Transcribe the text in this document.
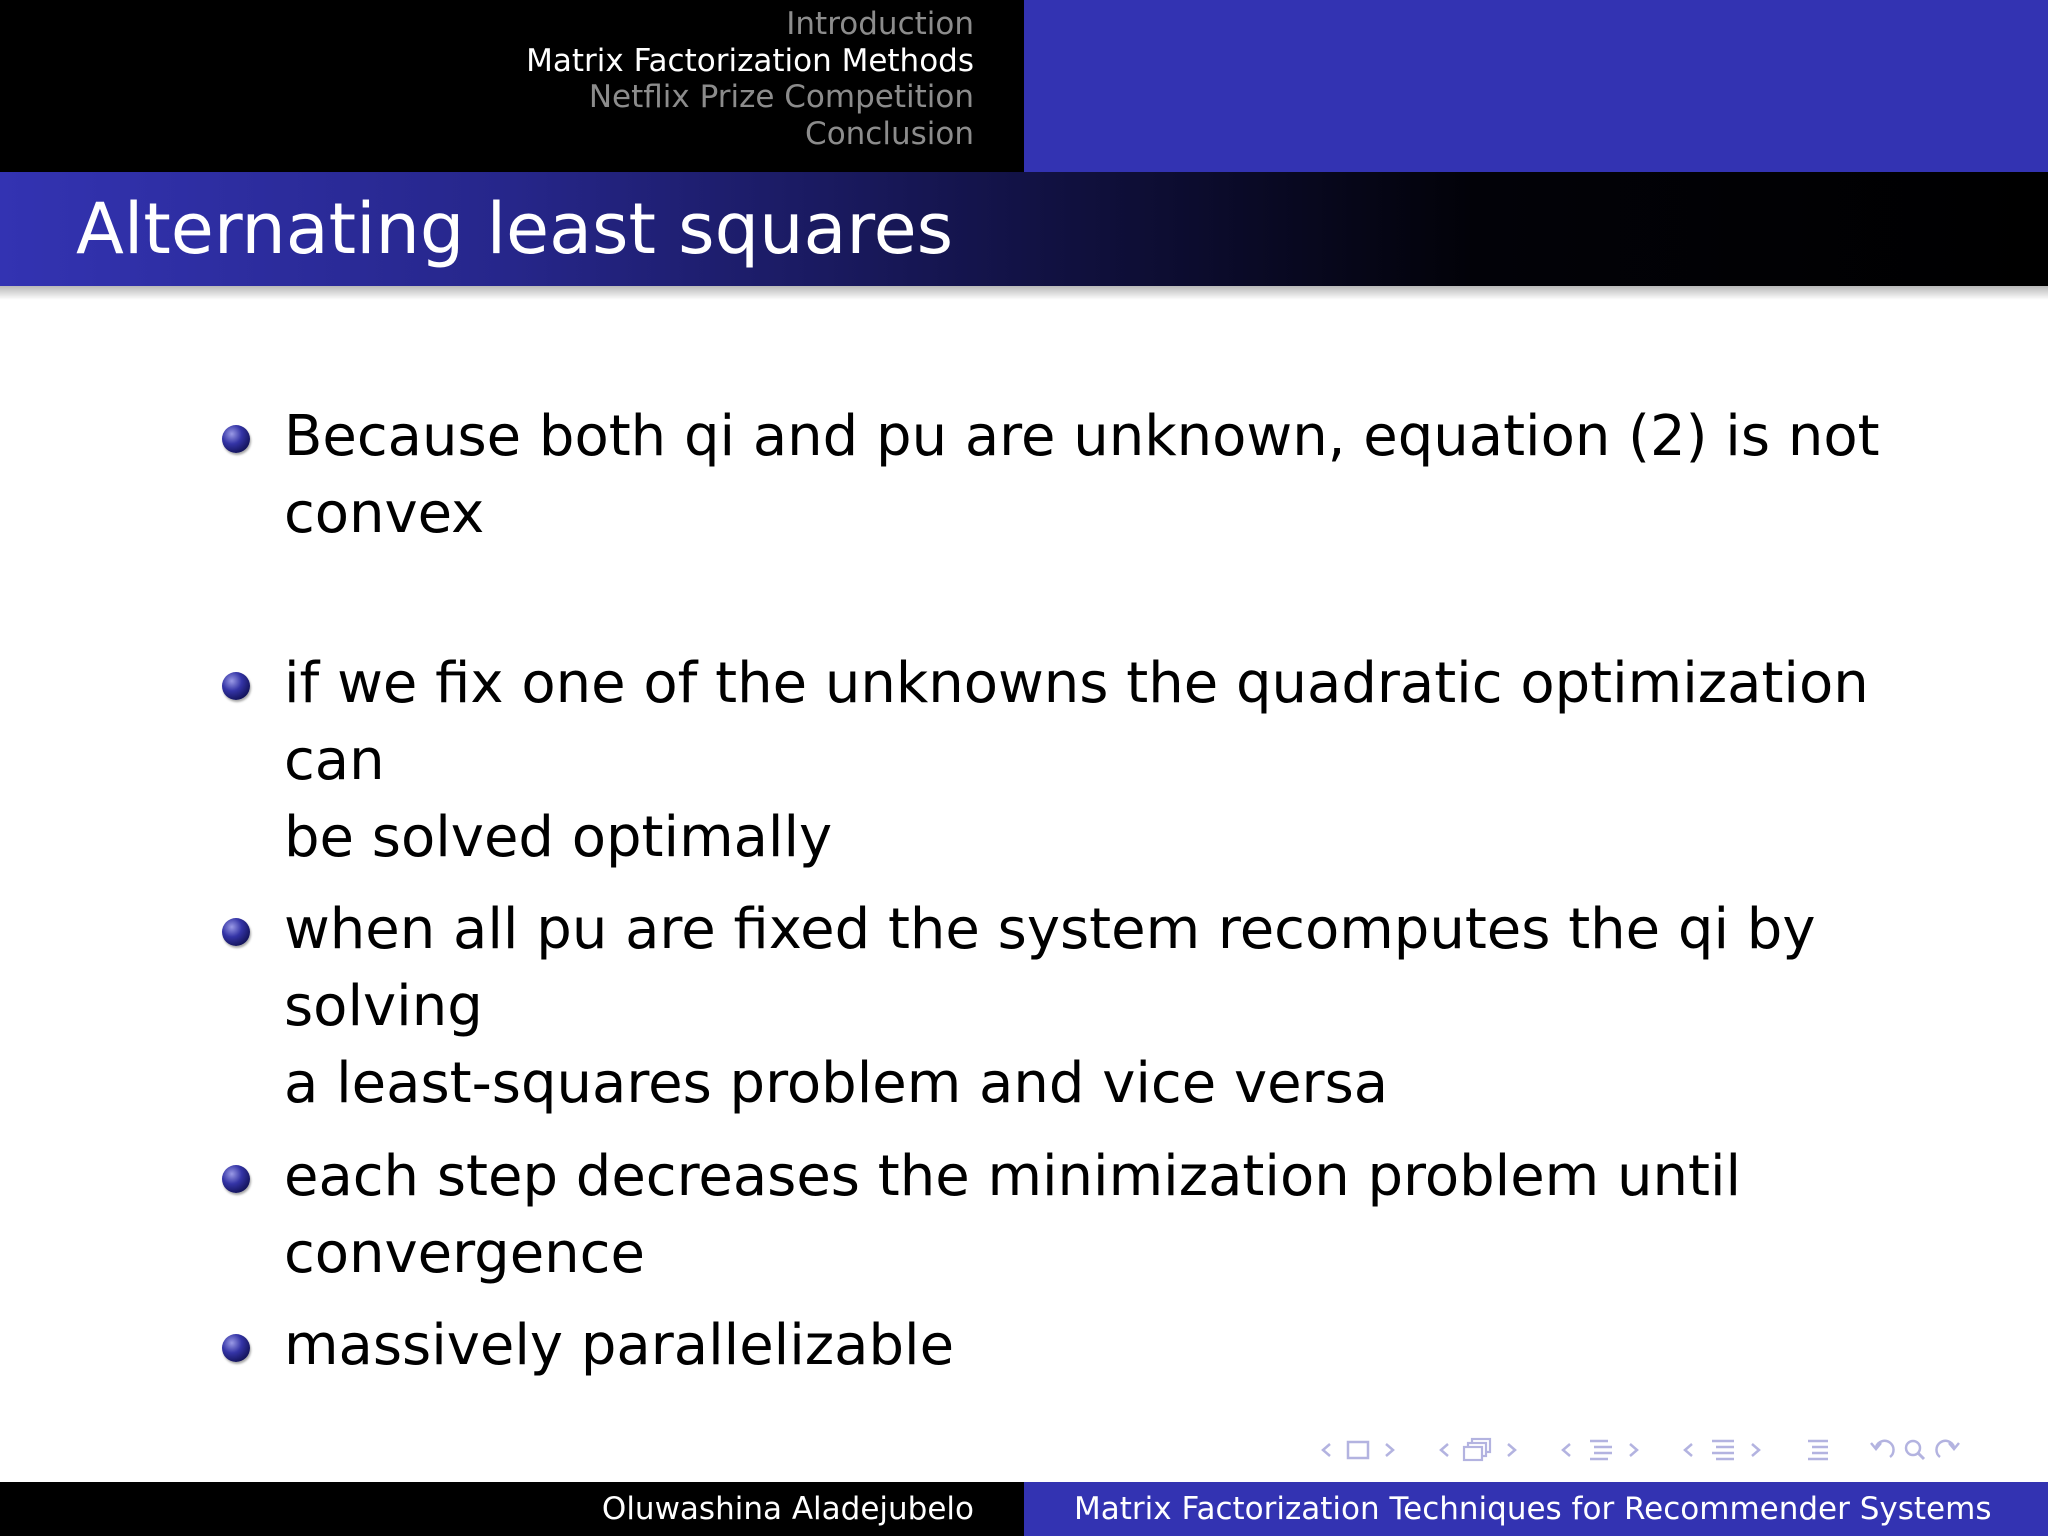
Introduction
Matrix Factorization Methods
Netflix Prize Competition
Conclusion
Alternating least squares
Because both qi and pu are unknown, equation (2) is not
convex
if we fix one of the unknowns the quadratic optimization can
be solved optimally
when all pu are fixed the system recomputes the qi by solving
a least-squares problem and vice versa
each step decreases the minimization problem until
convergence
massively parallelizable
Oluwashina Aladejubelo	Matrix Factorization Techniques for Recommender Systems
